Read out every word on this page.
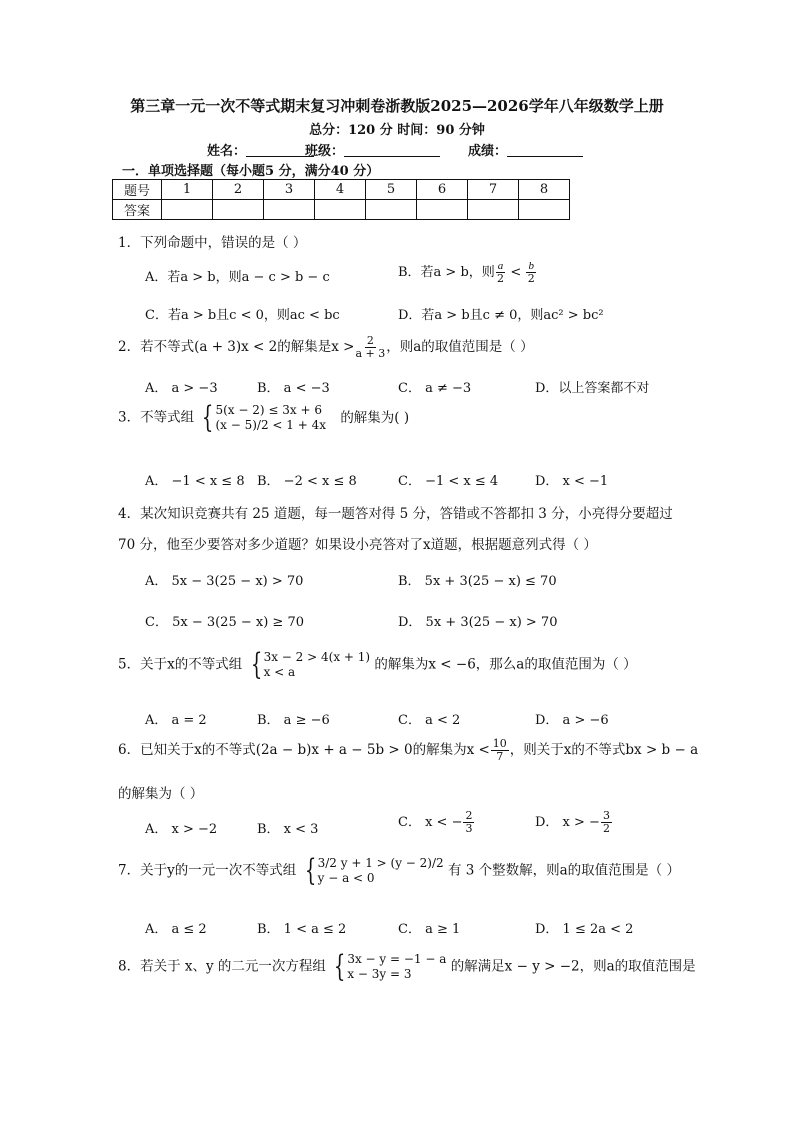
第三章一元一次不等式期末复习冲刺卷浙教版2025—2026学年八年级数学上册
总分：120 分 时间：90 分钟
姓名：	班级：	成绩：
一．单项选择题（每小题5 分，满分40 分）
题号	1	2	3	4	5	6	7	8
答案								
1．下列命题中，错误的是（ ）
A．若a > b，则a − c > b − c	B．若a > b，则 $\frac{a}{2} < \frac{b}{2}$
C．若a > b且c < 0，则ac < bc	D．若a > b且c ≠ 0，则ac² > bc²
2．若不等式(a + 3)x < 2的解集是$x > \frac{2}{a + 3}$ ，则a的取值范围是（ ）
A． a > −3	B． a < −3	C． a ≠ −3	D．以上答案都不对
3．不等式组 { 5(x − 2) ≤ 3x + 6
(x − 5)/2 < 1 + 4x 的解集为( )
A． −1 < x ≤ 8 B． −2 < x ≤ 8	C． −1 < x ≤ 4	D． x < −1
4．某次知识竞赛共有 25 道题，每一题答对得 5 分，答错或不答都扣 3 分，小亮得分要超过
70 分，他至少要答对多少道题？如果设小亮答对了x道题，根据题意列式得（ ）
A． 5x − 3(25 − x) > 70	B． 5x + 3(25 − x) ≤ 70
C． 5x − 3(25 − x) ≥ 70	D． 5x + 3(25 − x) > 70
5．关于x的不等式组 { 3x − 2 > 4(x + 1)
x < a	的解集为x < −6，那么a的取值范围为（ ）
A． a = 2	B． a ≥ −6	C． a < 2	D． a > −6
6．已知关于x的不等式(2a − b)x + a − 5b > 0的解集为$x < \frac{10}{7}$ ，则关于x的不等式bx > b − a
的解集为（ ）
A． x > −2	B． x < 3	C． x < − $\frac{2}{3}$	D． x > − $\frac{3}{2}$
7．关于y的一元一次不等式组 { 3/2 y + 1 > (y − 2)/2
y − a < 0	有 3 个整数解，则a的取值范围是（ ）
A． a ≤ 2	B． 1 < a ≤ 2	C． a ≥ 1	D． 1 ≤ 2a < 2
8．若关于 x、y 的二元一次方程组 { 3x − y = −1 − a
x − 3y = 3	的解满足x − y > −2，则a的取值范围是
